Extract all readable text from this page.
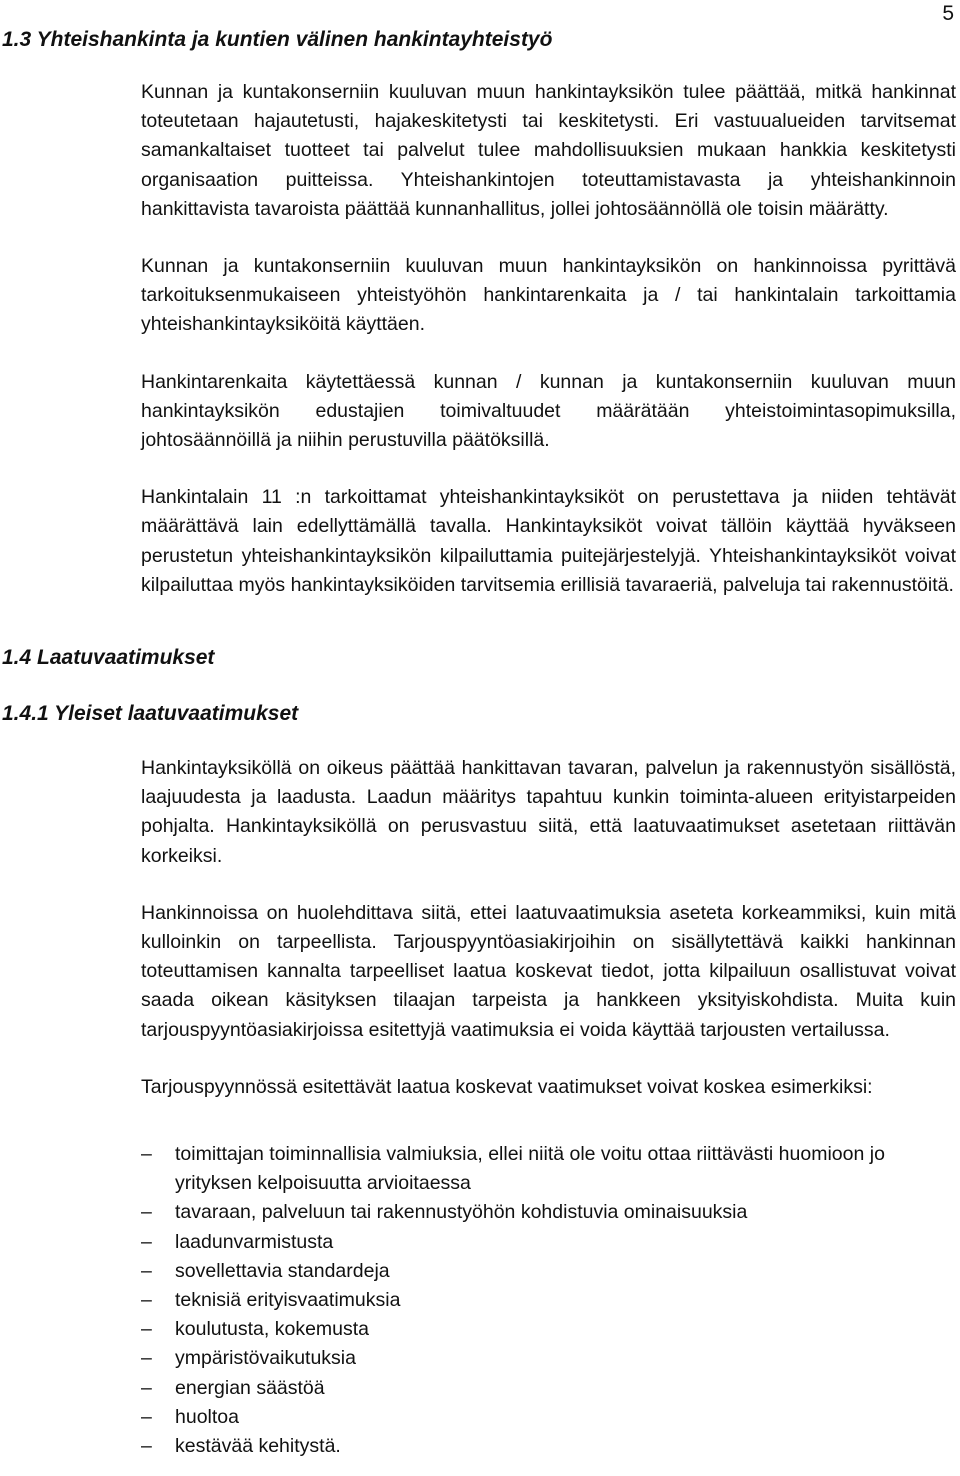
5
1.3 Yhteishankinta ja kuntien välinen hankintayhteistyö

Kunnan ja kuntakonserniin kuuluvan muun hankintayksikön tulee päättää, mitkä hankinnat toteutetaan hajautetusti, hajakeskitetysti tai keskitetysti. Eri vastuualueiden tarvitsemat samankaltaiset tuotteet tai palvelut tulee mahdollisuuksien mukaan hankkia keskitetysti organisaation puitteissa. Yhteishankintojen toteuttamistavasta ja yhteishankinnoin hankittavista tavaroista päättää kunnanhallitus, jollei johtosäännöllä ole toisin määrätty.

Kunnan ja kuntakonserniin kuuluvan muun hankintayksikön on hankinnoissa pyrittävä tarkoituksenmukaiseen yhteistyöhön hankintarenkaita ja / tai hankintalain tarkoittamia yhteishankintayksiköitä käyttäen.

Hankintarenkaita käytettäessä kunnan / kunnan ja kuntakonserniin kuuluvan muun hankintayksikön edustajien toimivaltuudet määrätään yhteistoimintasopimuksilla, johtosäännöillä ja niihin perustuvilla päätöksillä.

Hankintalain 11 :n tarkoittamat yhteishankintayksiköt on perustettava ja niiden tehtävät määrättävä lain edellyttämällä tavalla. Hankintayksiköt voivat tällöin käyttää hyväkseen perustetun yhteishankintayksikön kilpailuttamia puitejärjestelyjä. Yhteishankintayksiköt voivat kilpailuttaa myös hankintayksiköiden tarvitsemia erillisiä tavaraeriä, palveluja tai rakennustöitä.

1.4 Laatuvaatimukset
1.4.1 Yleiset laatuvaatimukset

Hankintayksiköllä on oikeus päättää hankittavan tavaran, palvelun ja rakennustyön sisällöstä, laajuudesta ja laadusta. Laadun määritys tapahtuu kunkin toiminta-alueen erityistarpeiden pohjalta. Hankintayksiköllä on perusvastuu siitä, että laatuvaatimukset asetetaan riittävän korkeiksi.

Hankinnoissa on huolehdittava siitä, ettei laatuvaatimuksia aseteta korkeammiksi, kuin mitä kulloinkin on tarpeellista. Tarjouspyyntöasiakirjoihin on sisällytettävä kaikki hankinnan toteuttamisen kannalta tarpeelliset laatua koskevat tiedot, jotta kilpailuun osallistuvat voivat saada oikean käsityksen tilaajan tarpeista ja hankkeen yksityiskohdista. Muita kuin tarjouspyyntöasiakirjoissa esitettyjä vaatimuksia ei voida käyttää tarjousten vertailussa.

Tarjouspyynnössä esitettävät laatua koskevat vaatimukset voivat koskea esimerkiksi:

–	toimittajan toiminnallisia valmiuksia, ellei niitä ole voitu ottaa riittävästi huomioon jo yrityksen kelpoisuutta arvioitaessa
–	tavaraan, palveluun tai rakennustyöhön kohdistuvia ominaisuuksia
–	laadunvarmistusta
–	sovellettavia standardeja
–	teknisiä erityisvaatimuksia
–	koulutusta, kokemusta
–	ympäristövaikutuksia
–	energian säästöä
–	huoltoa
–	kestävää kehitystä.
